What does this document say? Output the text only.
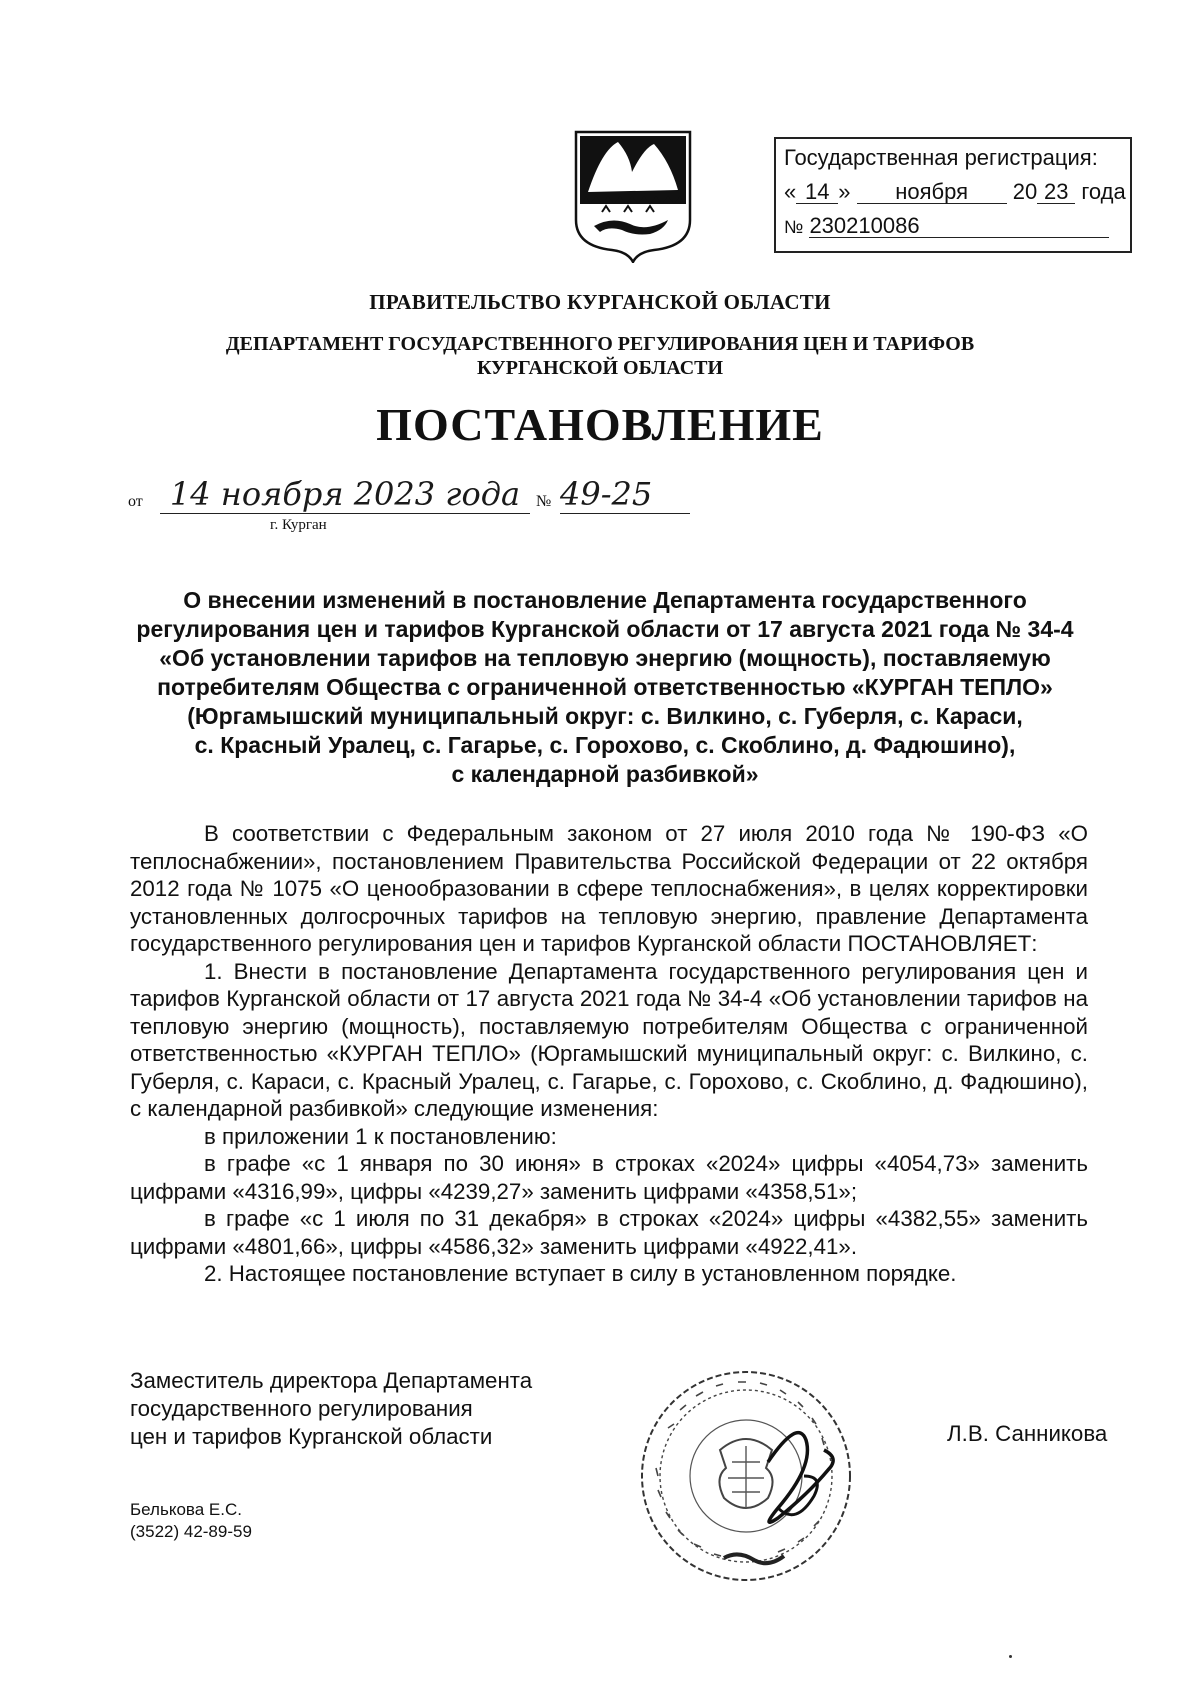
Государственная регистрация:
« 14 » ноября 20 23 года
№ 230210086
ПРАВИТЕЛЬСТВО КУРГАНСКОЙ ОБЛАСТИ
ДЕПАРТАМЕНТ ГОСУДАРСТВЕННОГО РЕГУЛИРОВАНИЯ ЦЕН И ТАРИФОВ
КУРГАНСКОЙ ОБЛАСТИ
ПОСТАНОВЛЕНИЕ
от 14 ноября 2023 года № 49-25
г. Курган
О внесении изменений в постановление Департамента государственного
регулирования цен и тарифов Курганской области от 17 августа 2021 года № 34-4
«Об установлении тарифов на тепловую энергию (мощность), поставляемую
потребителям Общества с ограниченной ответственностью «КУРГАН ТЕПЛО»
(Юргамышский муниципальный округ: с. Вилкино, с. Губерля, с. Караси,
с. Красный Уралец, с. Гагарье, с. Горохово, с. Скоблино, д. Фадюшино),
с календарной разбивкой»

В соответствии с Федеральным законом от 27 июля 2010 года № 190-ФЗ «О теплоснабжении», постановлением Правительства Российской Федерации от 22 октября 2012 года № 1075 «О ценообразовании в сфере теплоснабжения», в целях корректировки установленных долгосрочных тарифов на тепловую энергию, правление Департамента государственного регулирования цен и тарифов Курганской области ПОСТАНОВЛЯЕТ:

1. Внести в постановление Департамента государственного регулирования цен и тарифов Курганской области от 17 августа 2021 года № 34-4 «Об установлении тарифов на тепловую энергию (мощность), поставляемую потребителям Общества с ограниченной ответственностью «КУРГАН ТЕПЛО» (Юргамышский муниципальный округ: с. Вилкино, с. Губерля, с. Караси, с. Красный Уралец, с. Гагарье, с. Горохово, с. Скоблино, д. Фадюшино), с календарной разбивкой» следующие изменения:

в приложении 1 к постановлению:

в графе «с 1 января по 30 июня» в строках «2024» цифры «4054,73» заменить цифрами «4316,99», цифры «4239,27» заменить цифрами «4358,51»;

в графе «с 1 июля по 31 декабря» в строках «2024» цифры «4382,55» заменить цифрами «4801,66», цифры «4586,32» заменить цифрами «4922,41».

2. Настоящее постановление вступает в силу в установленном порядке.

Заместитель директора Департамента
государственного регулирования
цен и тарифов Курганской области	Л.В. Санникова
Белькова Е.С.
(3522) 42-89-59
